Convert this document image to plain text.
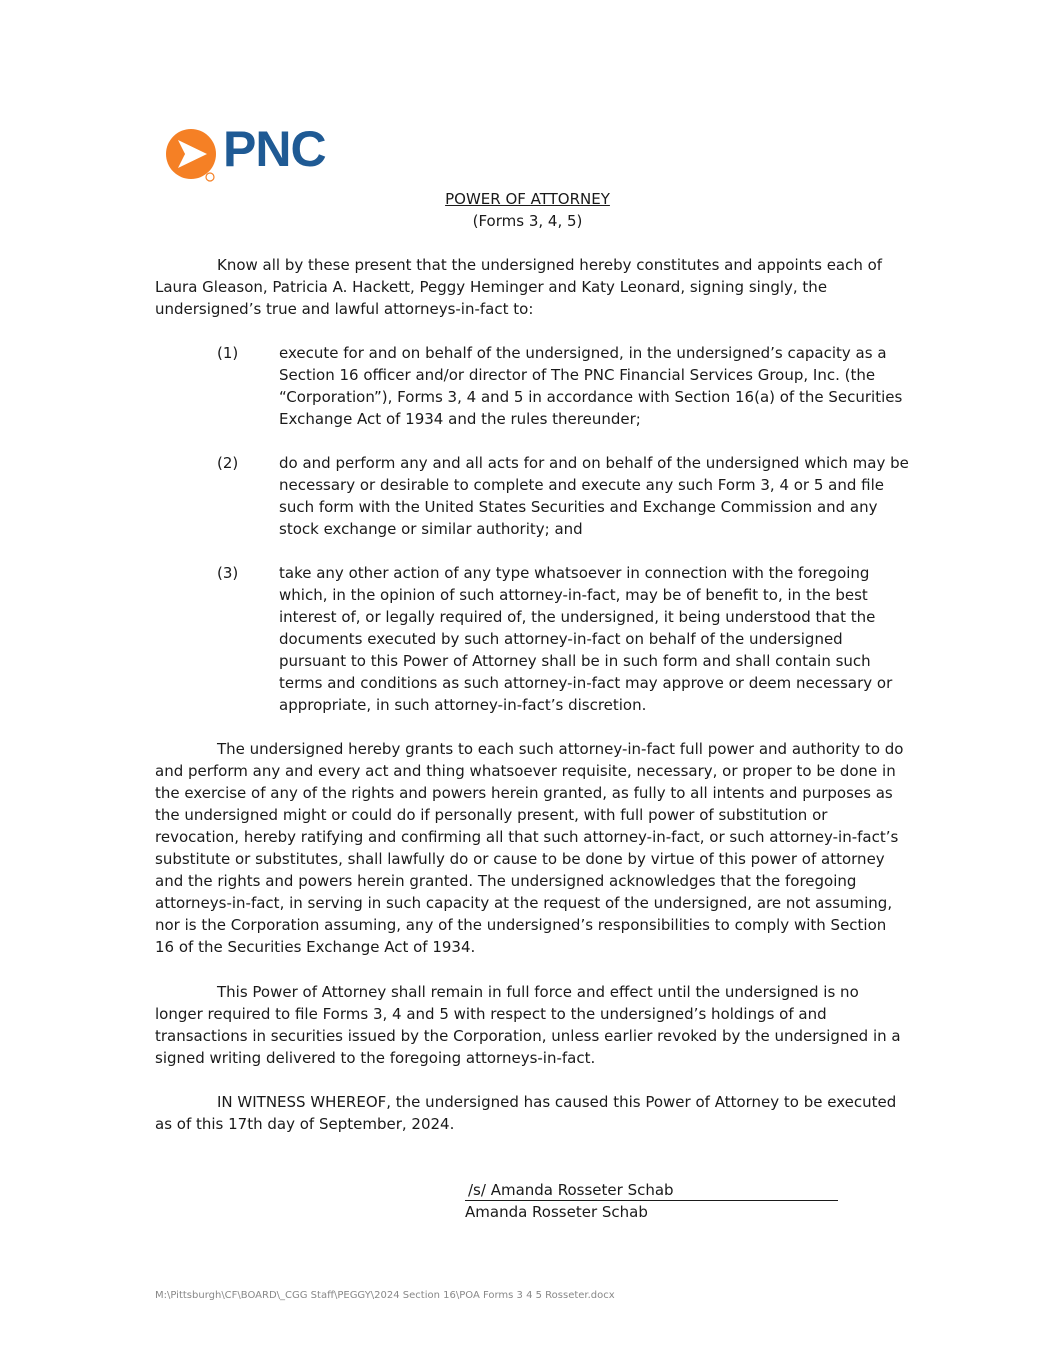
PNC
POWER OF ATTORNEY
(Forms 3, 4, 5)

Know all by these present that the undersigned hereby constitutes and appoints each of Laura Gleason, Patricia A. Hackett, Peggy Heminger and Katy Leonard, signing singly, the undersigned’s true and lawful attorneys-in-fact to:

(1)	execute for and on behalf of the undersigned, in the undersigned’s capacity as a Section 16 officer and/or director of The PNC Financial Services Group, Inc. (the “Corporation”), Forms 3, 4 and 5 in accordance with Section 16(a) of the Securities Exchange Act of 1934 and the rules thereunder;
(2)	do and perform any and all acts for and on behalf of the undersigned which may be necessary or desirable to complete and execute any such Form 3, 4 or 5 and file such form with the United States Securities and Exchange Commission and any stock exchange or similar authority; and
(3)	take any other action of any type whatsoever in connection with the foregoing which, in the opinion of such attorney-in-fact, may be of benefit to, in the best interest of, or legally required of, the undersigned, it being understood that the documents executed by such attorney-in-fact on behalf of the undersigned pursuant to this Power of Attorney shall be in such form and shall contain such terms and conditions as such attorney-in-fact may approve or deem necessary or appropriate, in such attorney-in-fact’s discretion.

The undersigned hereby grants to each such attorney-in-fact full power and authority to do and perform any and every act and thing whatsoever requisite, necessary, or proper to be done in the exercise of any of the rights and powers herein granted, as fully to all intents and purposes as the undersigned might or could do if personally present, with full power of substitution or revocation, hereby ratifying and confirming all that such attorney-in-fact, or such attorney-in-fact’s substitute or substitutes, shall lawfully do or cause to be done by virtue of this power of attorney and the rights and powers herein granted. The undersigned acknowledges that the foregoing attorneys-in-fact, in serving in such capacity at the request of the undersigned, are not assuming, nor is the Corporation assuming, any of the undersigned’s responsibilities to comply with Section 16 of the Securities Exchange Act of 1934.

This Power of Attorney shall remain in full force and effect until the undersigned is no longer required to file Forms 3, 4 and 5 with respect to the undersigned’s holdings of and transactions in securities issued by the Corporation, unless earlier revoked by the undersigned in a signed writing delivered to the foregoing attorneys-in-fact.

IN WITNESS WHEREOF, the undersigned has caused this Power of Attorney to be executed as of this 17th day of September, 2024.

/s/ Amanda Rosseter Schab
Amanda Rosseter Schab
M:\Pittsburgh\CF\BOARD\_CGG Staff\PEGGY\2024 Section 16\POA Forms 3 4 5 Rosseter.docx
